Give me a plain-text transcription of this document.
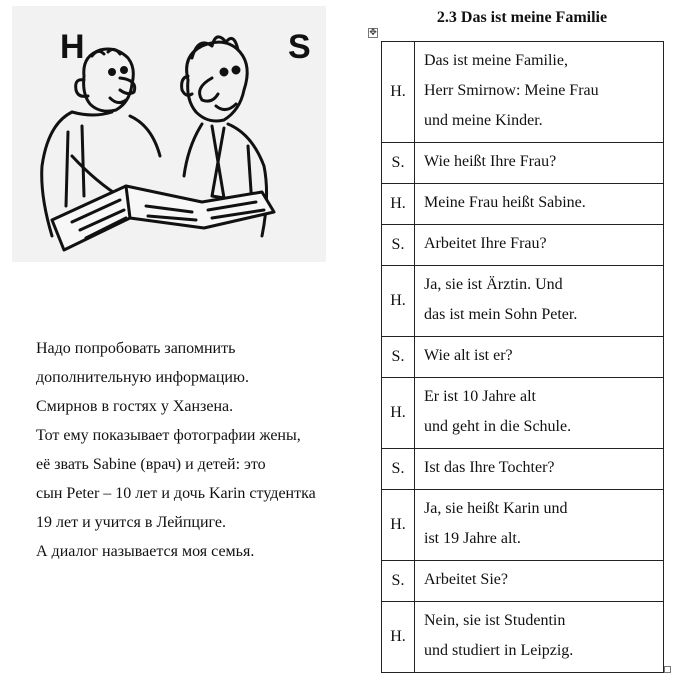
H	S
Надо попробовать запомнить
дополнительную информацию.
Смирнов в гостях у Ханзена.
Тот ему показывает фотографии жены,
её звать Sabine (врач) и детей: это
сын Peter – 10 лет и дочь Karin студентка
19 лет и учится в Лейпциге.
А диалог называется моя семья.
2.3 Das ist meine Familie
✥
H.	Das ist meine Familie,
Herr Smirnow: Meine Frau
und meine Kinder.

S.	Wie heißt Ihre Frau?

H.	Meine Frau heißt Sabine.

S.	Arbeitet Ihre Frau?

H.	Ja, sie ist Ärztin. Und
das ist mein Sohn Peter.

S.	Wie alt ist er?

H.	Er ist 10 Jahre alt
und geht in die Schule.

S.	Ist das Ihre Tochter?

H.	Ja, sie heißt Karin und
ist 19 Jahre alt.

S.	Arbeitet Sie?

H.	Nein, sie ist Studentin
und studiert in Leipzig.
